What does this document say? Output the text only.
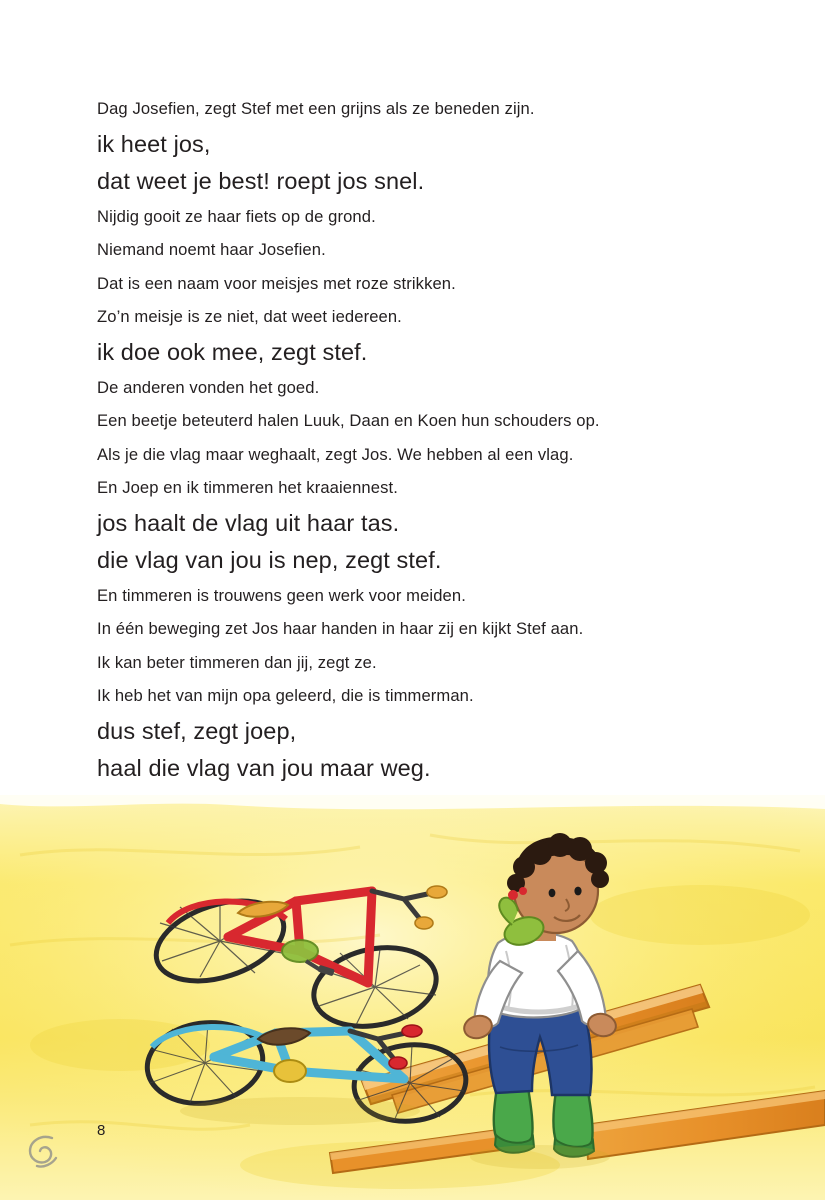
Dag Josefien, zegt Stef met een grijns als ze beneden zijn.

ik heet jos,

dat weet je best! roept jos snel.

Nijdig gooit ze haar fiets op de grond.

Niemand noemt haar Josefien.

Dat is een naam voor meisjes met roze strikken.

Zo’n meisje is ze niet, dat weet iedereen.

ik doe ook mee, zegt stef.

De anderen vonden het goed.

Een beetje beteuterd halen Luuk, Daan en Koen hun schouders op.

Als je die vlag maar weghaalt, zegt Jos. We hebben al een vlag.

En Joep en ik timmeren het kraaiennest.

jos haalt de vlag uit haar tas.

die vlag van jou is nep, zegt stef.

En timmeren is trouwens geen werk voor meiden.

In één beweging zet Jos haar handen in haar zij en kijkt Stef aan.

Ik kan beter timmeren dan jij, zegt ze.

Ik heb het van mijn opa geleerd, die is timmerman.

dus stef, zegt joep,

haal die vlag van jou maar weg.

8
